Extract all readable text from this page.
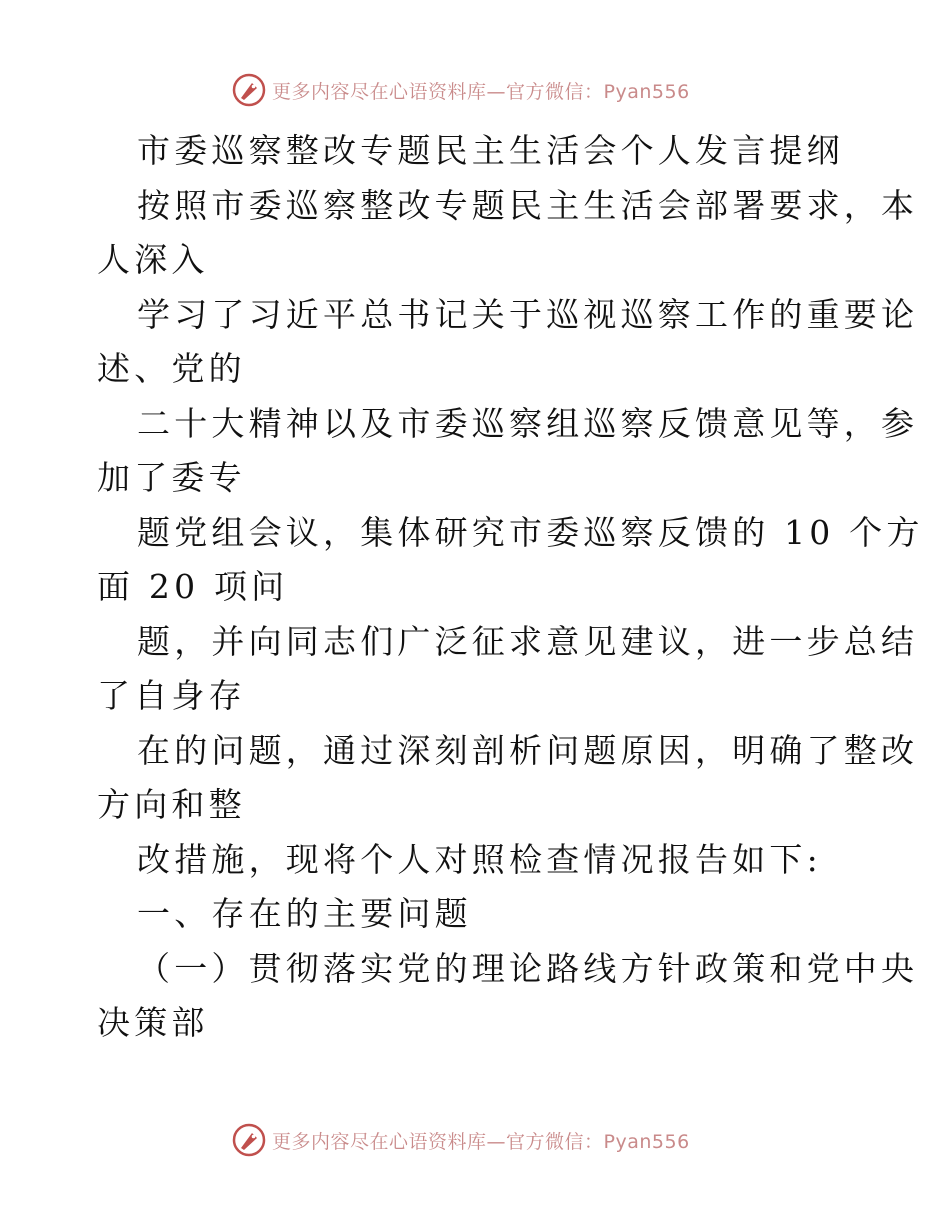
更多内容尽在心语资料库—官方微信：Pyan556
市委巡察整改专题民主生活会个人发言提纲
按照市委巡察整改专题民主生活会部署要求，本
人深入
学习了习近平总书记关于巡视巡察工作的重要论
述、党的
二十大精神以及市委巡察组巡察反馈意见等，参
加了委专
题党组会议，集体研究市委巡察反馈的 10 个方
面 20 项问
题，并向同志们广泛征求意见建议，进一步总结
了自身存
在的问题，通过深刻剖析问题原因，明确了整改
方向和整
改措施，现将个人对照检查情况报告如下:
一、存在的主要问题
（一）贯彻落实党的理论路线方针政策和党中央
决策部
更多内容尽在心语资料库—官方微信：Pyan556
